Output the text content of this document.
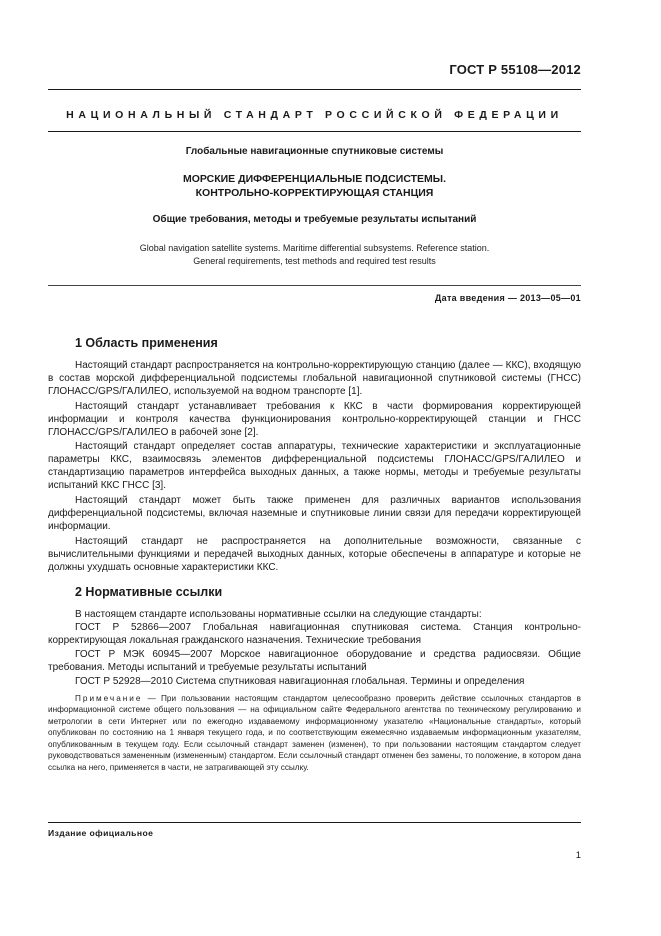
ГОСТ Р 55108—2012
НАЦИОНАЛЬНЫЙ СТАНДАРТ РОССИЙСКОЙ ФЕДЕРАЦИИ

Глобальные навигационные спутниковые системы

МОРСКИЕ ДИФФЕРЕНЦИАЛЬНЫЕ ПОДСИСТЕМЫ.
КОНТРОЛЬНО-КОРРЕКТИРУЮЩАЯ СТАНЦИЯ

Общие требования, методы и требуемые результаты испытаний

Global navigation satellite systems. Maritime differential subsystems. Reference station.
General requirements, test methods and required test results

Дата введения — 2013—05—01
1 Область применения

Настоящий стандарт распространяется на контрольно-корректирующую станцию (далее — ККС), входящую в состав морской дифференциальной подсистемы глобальной навигационной спутниковой системы (ГНСС) ГЛОНАСС/GPS/ГАЛИЛЕО, используемой на водном транспорте [1].

Настоящий стандарт устанавливает требования к ККС в части формирования корректирующей информации и контроля качества функционирования контрольно-корректирующей станции и ГНСС ГЛОНАСС/GPS/ГАЛИЛЕО в рабочей зоне [2].

Настоящий стандарт определяет состав аппаратуры, технические характеристики и эксплуатационные параметры ККС, взаимосвязь элементов дифференциальной подсистемы ГЛОНАСС/GPS/ГАЛИЛЕО и стандартизацию параметров интерфейса выходных данных, а также нормы, методы и требуемые результаты испытаний ККС ГНСС [3].

Настоящий стандарт может быть также применен для различных вариантов использования дифференциальной подсистемы, включая наземные и спутниковые линии связи для передачи корректирующей информации.

Настоящий стандарт не распространяется на дополнительные возможности, связанные с вычислительными функциями и передачей выходных данных, которые обеспечены в аппаратуре и которые не должны ухудшать основные характеристики ККС.

2 Нормативные ссылки

В настоящем стандарте использованы нормативные ссылки на следующие стандарты:

ГОСТ Р 52866—2007 Глобальная навигационная спутниковая система. Станция контрольно-корректирующая локальная гражданского назначения. Технические требования

ГОСТ Р МЭК 60945—2007 Морское навигационное оборудование и средства радиосвязи. Общие требования. Методы испытаний и требуемые результаты испытаний

ГОСТ Р 52928—2010 Система спутниковая навигационная глобальная. Термины и определения

Примечание — При пользовании настоящим стандартом целесообразно проверить действие ссылочных стандартов в информационной системе общего пользования — на официальном сайте Федерального агентства по техническому регулированию и метрологии в сети Интернет или по ежегодно издаваемому информационному указателю «Национальные стандарты», который опубликован по состоянию на 1 января текущего года, и по соответствующим ежемесячно издаваемым информационным указателям, опубликованным в текущем году. Если ссылочный стандарт заменен (изменен), то при пользовании настоящим стандартом следует руководствоваться замененным (измененным) стандартом. Если ссылочный стандарт отменен без замены, то положение, в котором дана ссылка на него, применяется в части, не затрагивающей эту ссылку.

Издание официальное
1
